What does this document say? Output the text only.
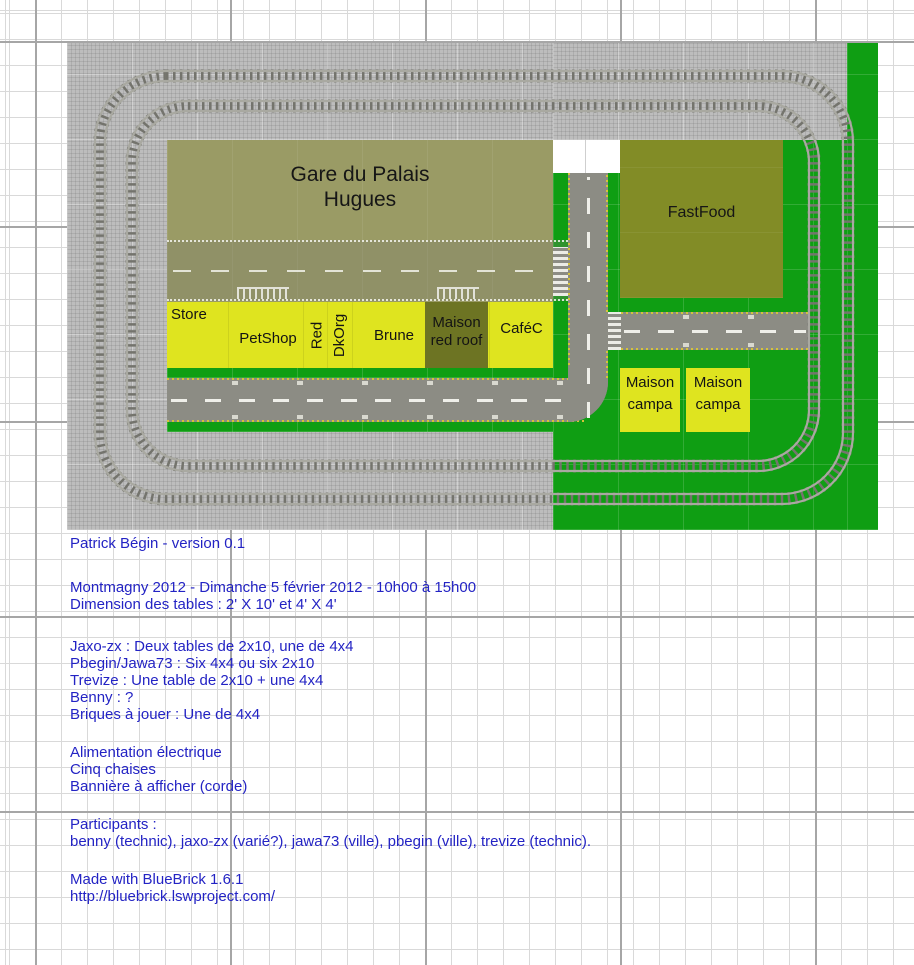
Gare du Palais
Hugues
FastFood
Store
PetShop Red DkOrg	Brune
Maison
red roof
CaféC
Maison
campa
Maison
campa
Patrick Bégin - version 0.1
Montmagny 2012 - Dimanche 5 février 2012 - 10h00 à 15h00
Dimension des tables : 2' X 10' et 4' X 4'
Jaxo-zx : Deux tables de 2x10, une de 4x4
Pbegin/Jawa73 : Six 4x4 ou six 2x10
Trevize : Une table de 2x10 + une 4x4
Benny : ?
Briques à jouer : Une de 4x4
Alimentation électrique
Cinq chaises
Bannière à afficher (corde)
Participants :
benny (technic), jaxo-zx (varié?), jawa73 (ville), pbegin (ville), trevize (technic).
Made with BlueBrick 1.6.1
http://bluebrick.lswproject.com/
